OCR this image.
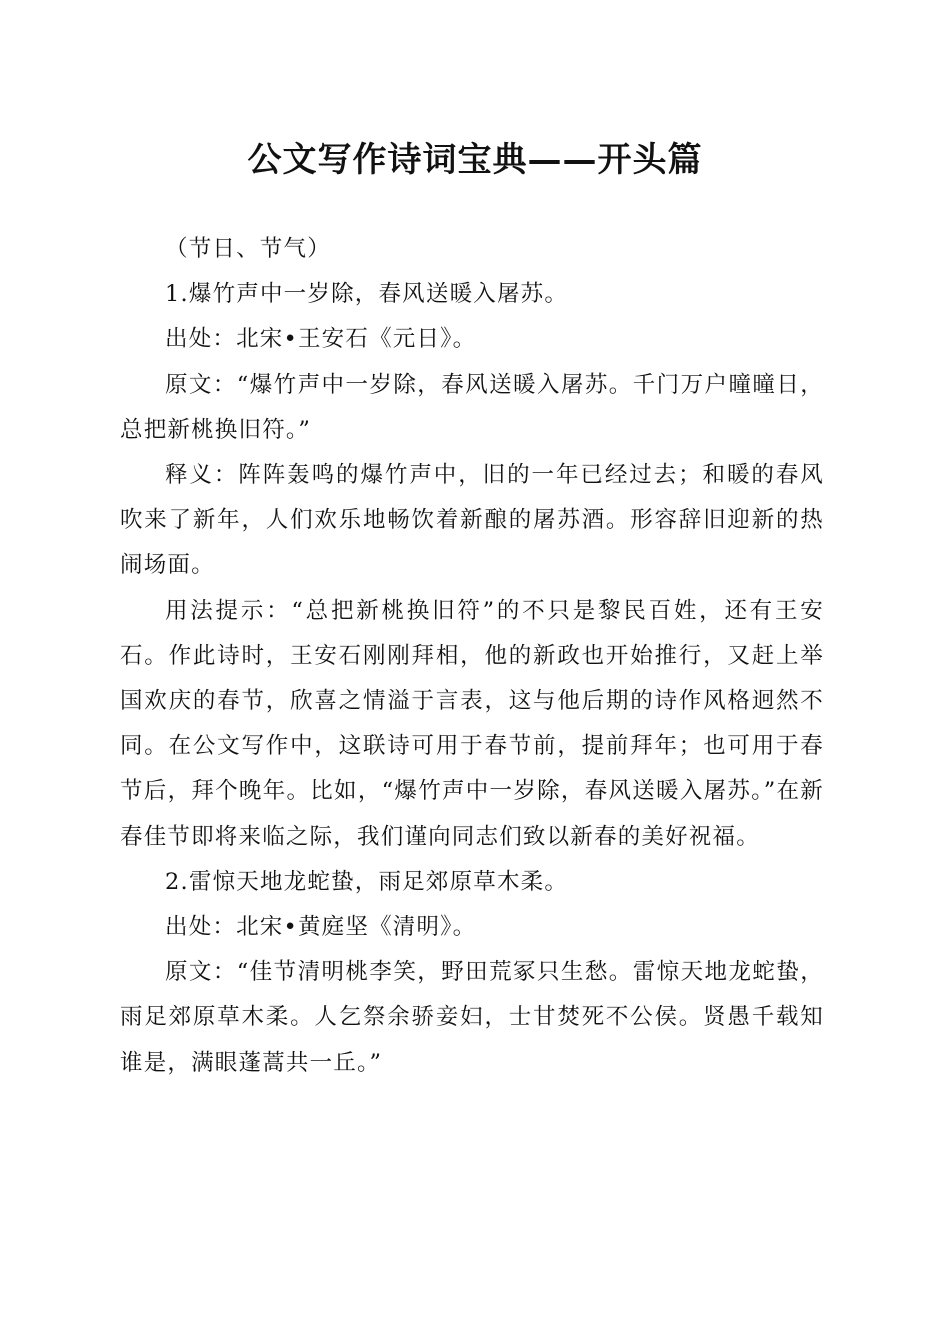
公文写作诗词宝典——开头篇

（节日、节气）

1.爆竹声中一岁除，春风送暖入屠苏。

出处：北宋•王安石《元日》。

原文：“爆竹声中一岁除，春风送暖入屠苏。千门万户曈曈日，总把新桃换旧符。”

释义：阵阵轰鸣的爆竹声中，旧的一年已经过去；和暖的春风吹来了新年，人们欢乐地畅饮着新酿的屠苏酒。形容辞旧迎新的热闹场面。

用法提示：“总把新桃换旧符”的不只是黎民百姓，还有王安石。作此诗时，王安石刚刚拜相，他的新政也开始推行，又赶上举国欢庆的春节，欣喜之情溢于言表，这与他后期的诗作风格迥然不同。在公文写作中，这联诗可用于春节前，提前拜年；也可用于春节后，拜个晚年。比如，“爆竹声中一岁除，春风送暖入屠苏。”在新春佳节即将来临之际，我们谨向同志们致以新春的美好祝福。

2.雷惊天地龙蛇蛰，雨足郊原草木柔。

出处：北宋•黄庭坚《清明》。

原文：“佳节清明桃李笑，野田荒冢只生愁。雷惊天地龙蛇蛰，雨足郊原草木柔。人乞祭余骄妾妇，士甘焚死不公侯。贤愚千载知谁是，满眼蓬蒿共一丘。”
